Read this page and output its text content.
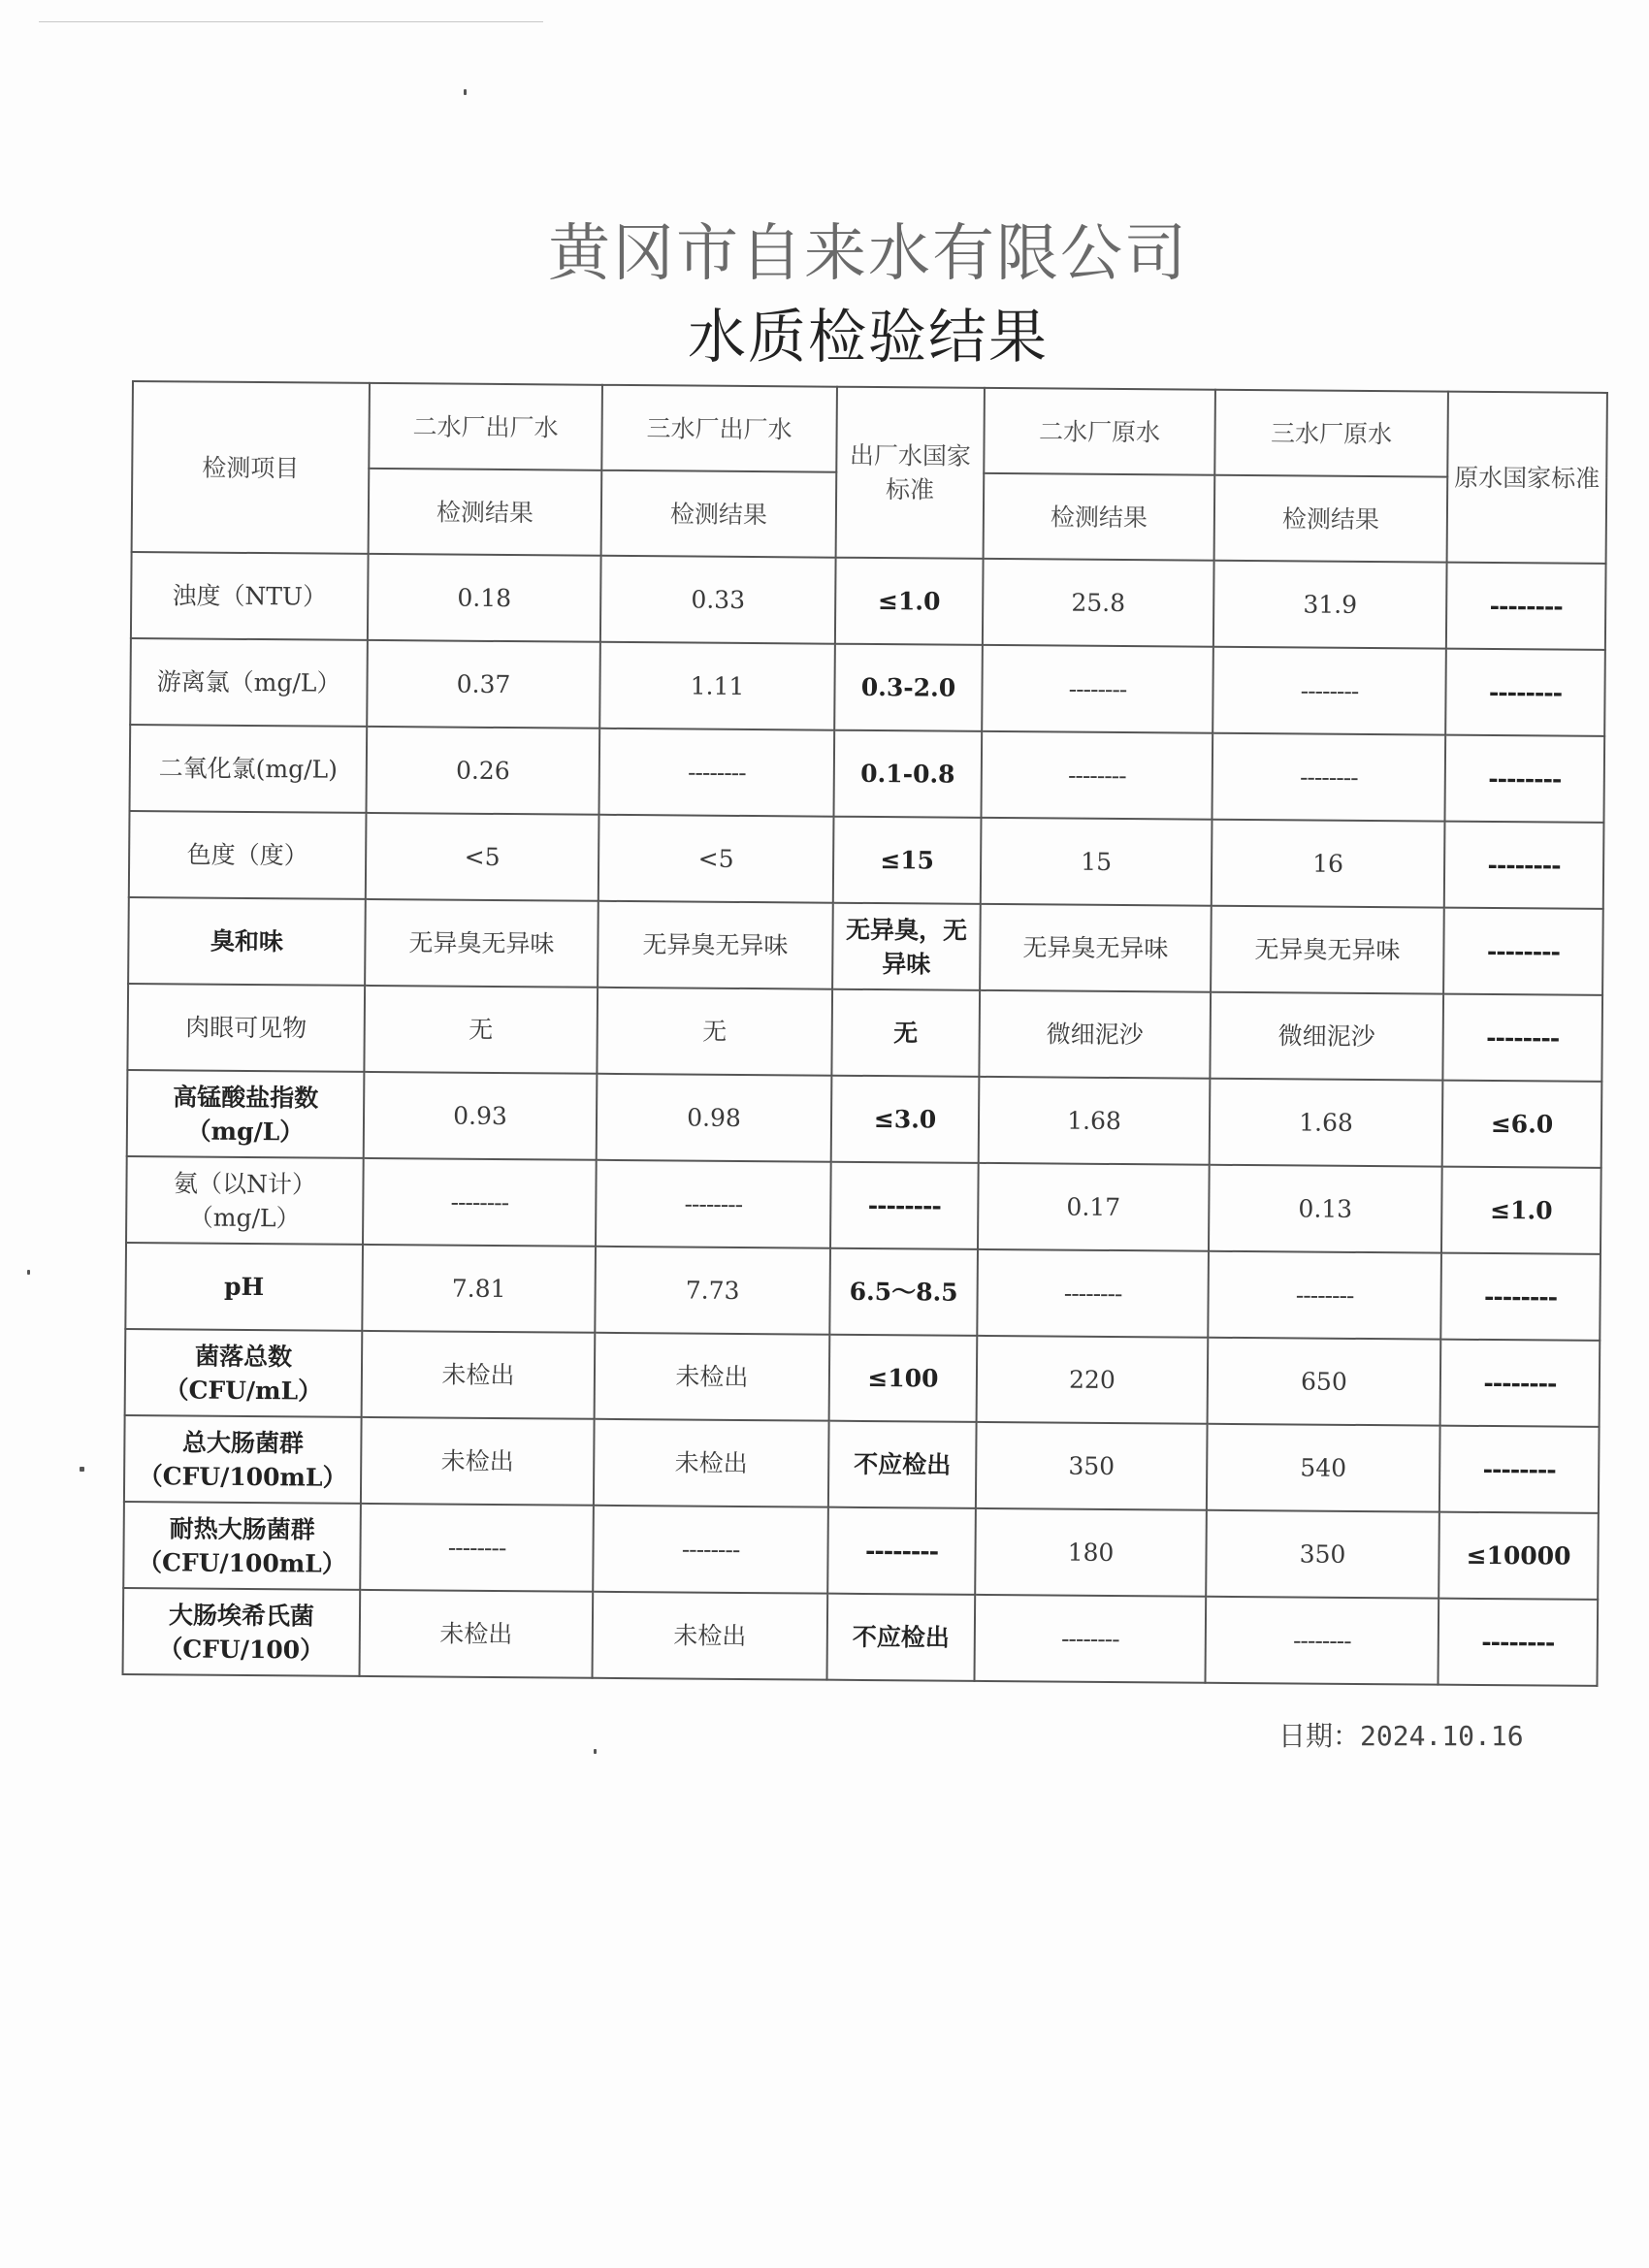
黄冈市自来水有限公司
水质检验结果
检测项目	二水厂出厂水	三水厂出厂水	出厂水国家标准	二水厂原水	三水厂原水	原水国家标准
	检测结果	检测结果		检测结果	检测结果	
浊度（NTU）	0.18	0.33	≤1.0	25.8	31.9	--------
游离氯（mg/L）	0.37	1.11	0.3-2.0	--------	--------	--------
二氧化氯(mg/L)	0.26	--------	0.1-0.8	--------	--------	--------
色度（度）	<5	<5	≤15	15	16	--------
臭和味	无异臭无异味	无异臭无异味	无异臭，无异味	无异臭无异味	无异臭无异味	--------
肉眼可见物	无	无	无	微细泥沙	微细泥沙	--------
高锰酸盐指数（mg/L）	0.93	0.98	≤3.0	1.68	1.68	≤6.0
氨（以N计）（mg/L）	--------	--------	--------	0.17	0.13	≤1.0
pH	7.81	7.73	6.5～8.5	--------	--------	--------
菌落总数（CFU/mL）	未检出	未检出	≤100	220	650	--------
总大肠菌群（CFU/100mL）	未检出	未检出	不应检出	350	540	--------
耐热大肠菌群（CFU/100mL）	--------	--------	--------	180	350	≤10000
大肠埃希氏菌（CFU/100）	未检出	未检出	不应检出	--------	--------	--------
日期：2024.10.16
